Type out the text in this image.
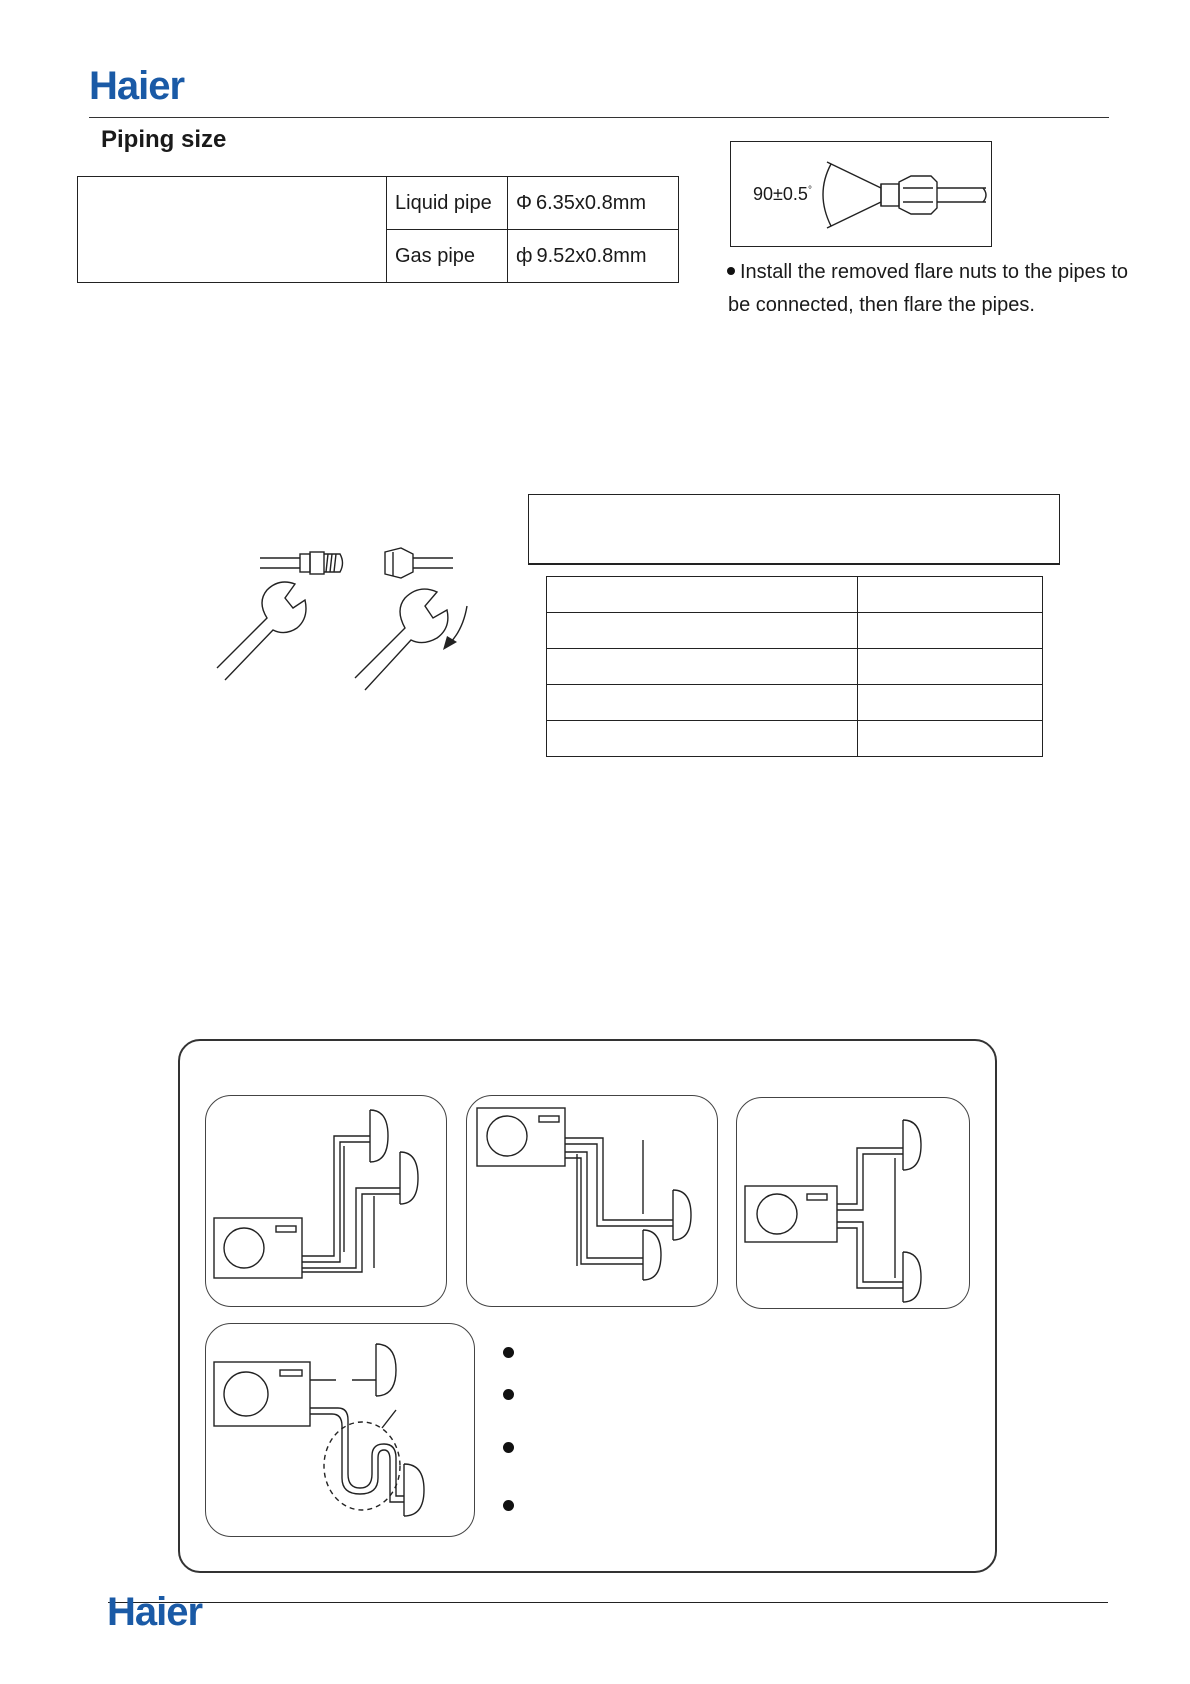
Haier
Piping size
	Liquid pipe	Φ 6.35x0.8mm
	Gas pipe	ф 9.52x0.8mm
90±0.5°
Install the removed flare nuts to the pipes to be connected, then flare the pipes.

Haier
